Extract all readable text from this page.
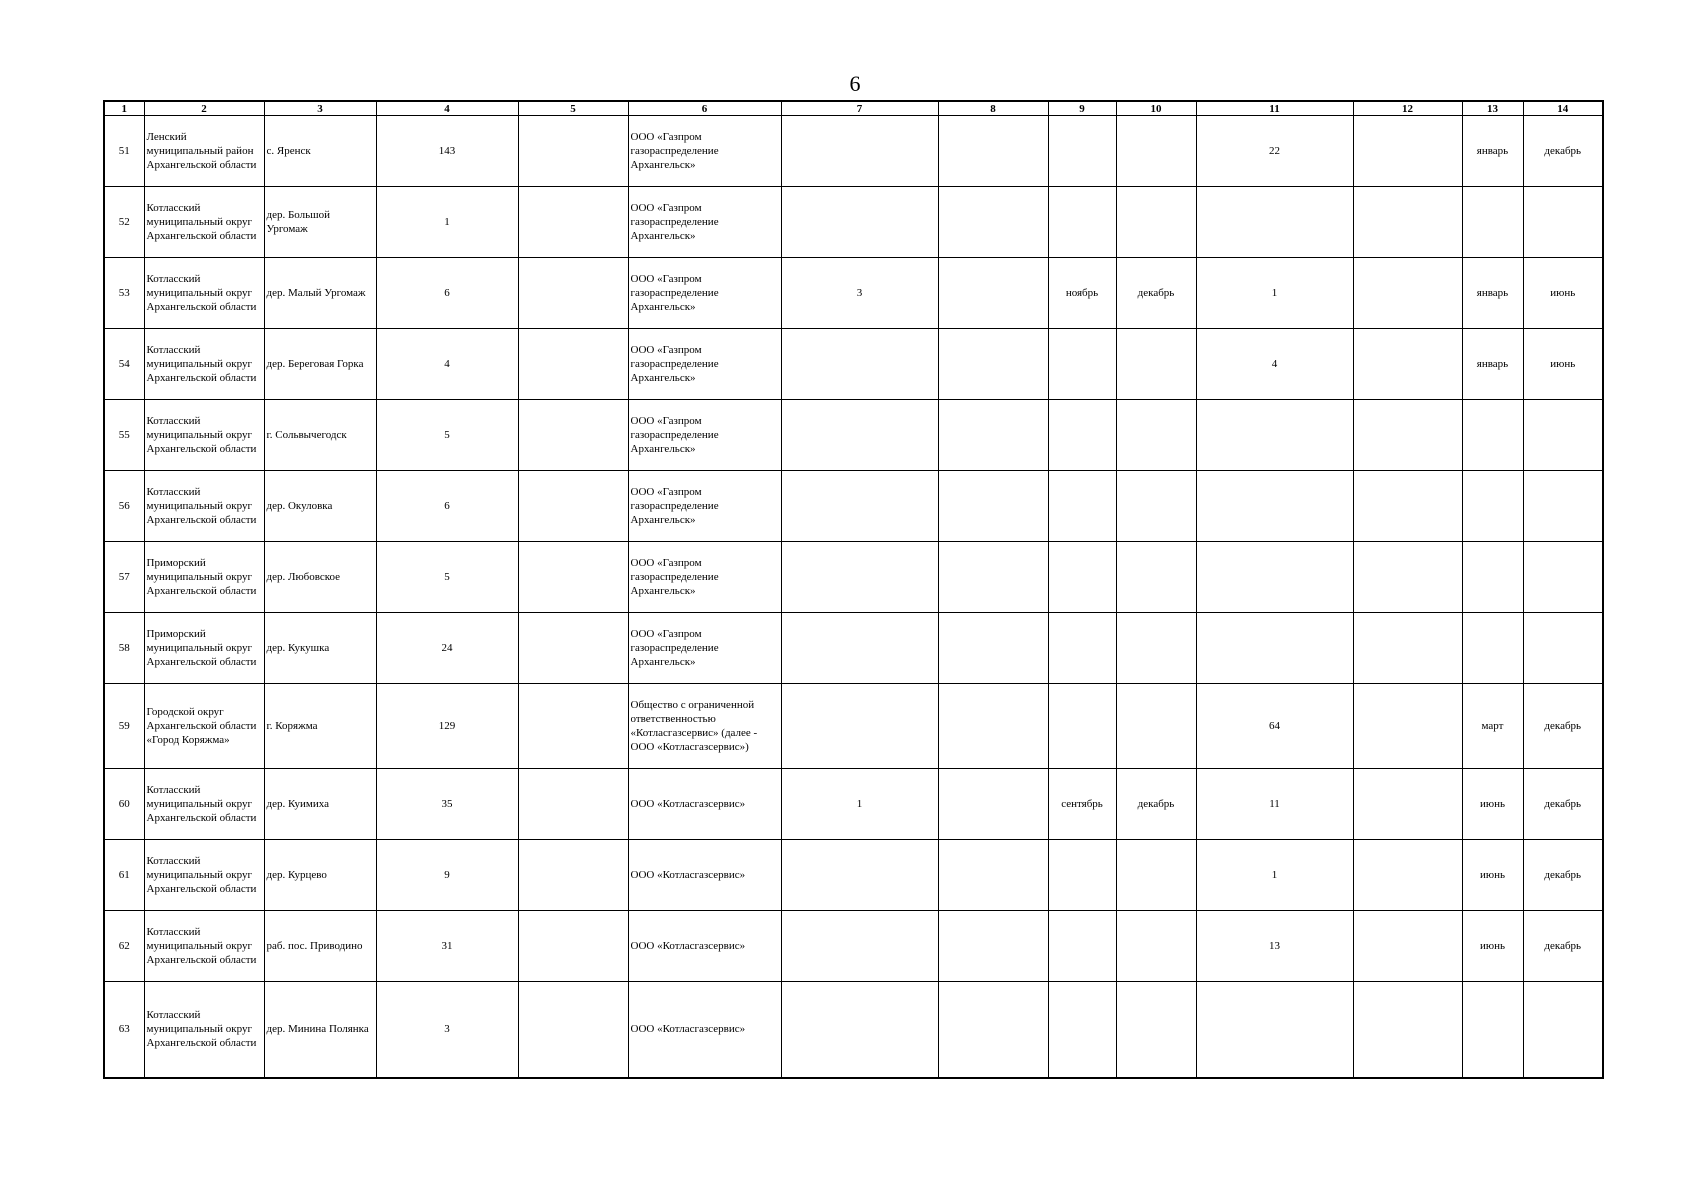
6
1	2	3	4	5	6	7	8	9	10	11	12	13	14
51	Ленский муниципальный район Архангельской области	с. Яренск	143		ООО «Газпром газораспределение Архангельск»					22		январь	декабрь
52	Котласский муниципальный округ Архангельской области	дер. Большой Ургомаж	1		ООО «Газпром газораспределение Архангельск»								
53	Котласский муниципальный округ Архангельской области	дер. Малый Ургомаж	6		ООО «Газпром газораспределение Архангельск»	3		ноябрь	декабрь	1		январь	июнь
54	Котласский муниципальный округ Архангельской области	дер. Береговая Горка	4		ООО «Газпром газораспределение Архангельск»					4		январь	июнь
55	Котласский муниципальный округ Архангельской области	г. Сольвычегодск	5		ООО «Газпром газораспределение Архангельск»								
56	Котласский муниципальный округ Архангельской области	дер. Окуловка	6		ООО «Газпром газораспределение Архангельск»								
57	Приморский муниципальный округ Архангельской области	дер. Любовское	5		ООО «Газпром газораспределение Архангельск»								
58	Приморский муниципальный округ Архангельской области	дер. Кукушка	24		ООО «Газпром газораспределение Архангельск»								
59	Городской округ Архангельской области «Город Коряжма»	г. Коряжма	129		Общество с ограниченной ответственностью «Котласгазсервис» (далее - ООО «Котласгазсервис»)					64		март	декабрь
60	Котласский муниципальный округ Архангельской области	дер. Куимиха	35		ООО «Котласгазсервис»	1		сентябрь	декабрь	11		июнь	декабрь
61	Котласский муниципальный округ Архангельской области	дер. Курцево	9		ООО «Котласгазсервис»					1		июнь	декабрь
62	Котласский муниципальный округ Архангельской области	раб. пос. Приводино	31		ООО «Котласгазсервис»					13		июнь	декабрь
63	Котласский муниципальный округ Архангельской области	дер. Минина Полянка	3		ООО «Котласгазсервис»								
